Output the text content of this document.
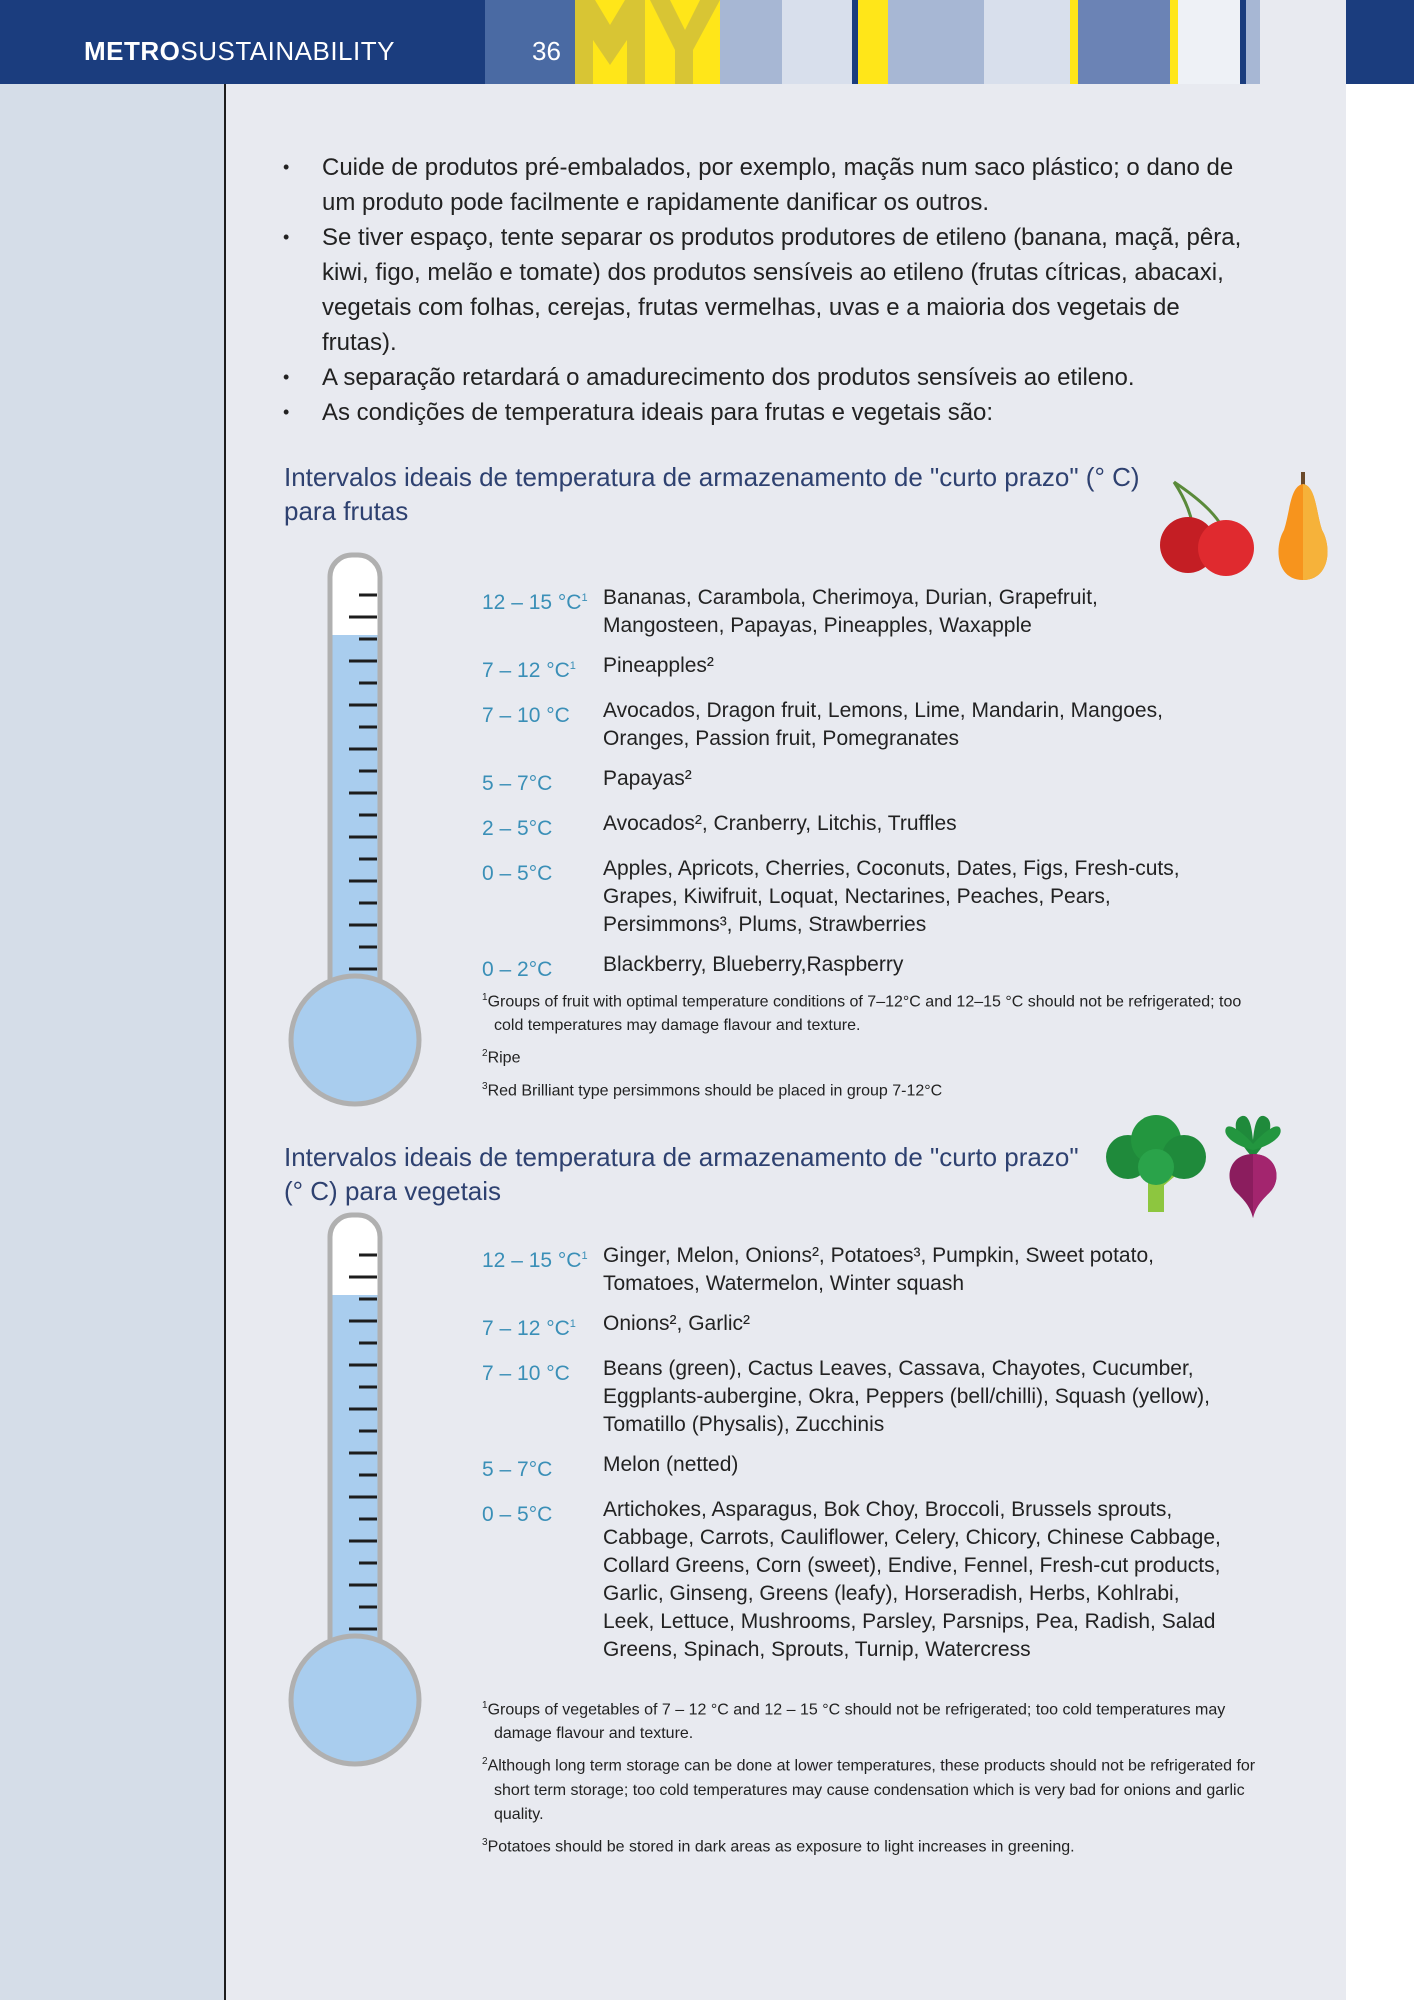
METROSUSTAINABILITY	36
• Cuide de produtos pré-embalados, por exemplo, maçãs num saco plástico; o dano de um produto pode facilmente e rapidamente danificar os outros.
• Se tiver espaço, tente separar os produtos produtores de etileno (banana, maçã, pêra, kiwi, figo, melão e tomate) dos produtos sensíveis ao etileno (frutas cítricas, abacaxi, vegetais com folhas, cerejas, frutas vermelhas, uvas e a maioria dos vegetais de frutas).
• A separação retardará o amadurecimento dos produtos sensíveis ao etileno.
• As condições de temperatura ideais para frutas e vegetais são:
Intervalos ideais de temperatura de armazenamento de "curto prazo" (° C) para frutas
12 – 15 $^\circ C^1$ Bananas, Carambola, Cherimoya, Durian, Grapefruit, Mangosteen, Papayas, Pineapples, Waxapple
7 – 12 $^\circ C^1$	Pineapples²
7 – 10 °C	Avocados, Dragon fruit, Lemons, Lime, Mandarin, Mangoes, Oranges, Passion fruit, Pomegranates
5 – 7°C	Papayas²
2 – 5°C	Avocados², Cranberry, Litchis, Truffles
0 – 5°C	Apples, Apricots, Cherries, Coconuts, Dates, Figs, Fresh-cuts, Grapes, Kiwifruit, Loquat, Nectarines, Peaches, Pears, Persimmons³, Plums, Strawberries
0 – 2°C	Blackberry, Blueberry,Raspberry
$^1$Groups of fruit with optimal temperature conditions of 7–12°C and 12–15 °C should not be refrigerated; too cold temperatures may damage flavour and texture.
$^2$Ripe
$^3$Red Brilliant type persimmons should be placed in group 7-12°C
Intervalos ideais de temperatura de armazenamento de "curto prazo" (° C) para vegetais
12 – 15 $^\circ C^1$ Ginger, Melon, Onions², Potatoes³, Pumpkin, Sweet potato, Tomatoes, Watermelon, Winter squash
7 – 12 $^\circ C^1$	Onions², Garlic²
7 – 10 °C	Beans (green), Cactus Leaves, Cassava, Chayotes, Cucumber, Eggplants-aubergine, Okra, Peppers (bell/chilli), Squash (yellow), Tomatillo (Physalis), Zucchinis
5 – 7°C	Melon (netted)
0 – 5°C	Artichokes, Asparagus, Bok Choy, Broccoli, Brussels sprouts, Cabbage, Carrots, Cauliflower, Celery, Chicory, Chinese Cabbage, Collard Greens, Corn (sweet), Endive, Fennel, Fresh-cut products, Garlic, Ginseng, Greens (leafy), Horseradish, Herbs, Kohlrabi, Leek, Lettuce, Mushrooms, Parsley, Parsnips, Pea, Radish, Salad Greens, Spinach, Sprouts, Turnip, Watercress
$^1$Groups of vegetables of 7 – 12 °C and 12 – 15 °C should not be refrigerated; too cold temperatures may damage flavour and texture.
$^2$Although long term storage can be done at lower temperatures, these products should not be refrigerated for short term storage; too cold temperatures may cause condensation which is very bad for onions and garlic quality.
$^3$Potatoes should be stored in dark areas as exposure to light increases in greening.
